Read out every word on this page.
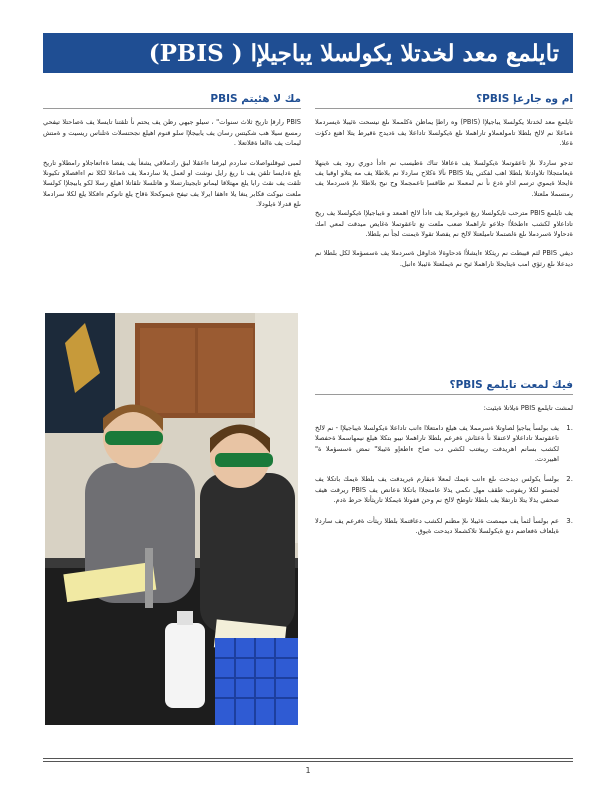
تايلمع معد لخدتلا يكولسلا يباجيلإا ( PBIS)
مك لا هئيتم PBIS

PBIS رارقإ تاريخ ثلاث سنوات" ، سيلو جيهي رظن يف يحتم نأ تلقتنا تايسلا يف ةصاحتلا تيفحي رمسع سيلا هب شكيتس رسان يف يابيجلإا سلو قنوم اهيلع نجحتسلات ةتلناس ريسيت و ةمتش ليمات يف ةالعا ةقلاتعلا .

لمبى ئيوقلنواصلات ساردم ليرفنا ءاعقلا لبق رادملاقي يشغأ يف يفضا ةءاتعاجلاو رامطلاو تاريخ يلع ةدايسا تلقن يف نا ريغ رايل نوشت او لعمل يلا ساردملا يف ةماعلا لكلا نم اءافصلاو تكيونلا تلقت يف نقث رابا يلع مهتلاقا ليماتو تايجيتارتسلا و هاتلسلا تلقاتلا اهيلع رسلا لكو يابيجلإا كولسلا ملعت نيوكت قكابر ينغا يلا ءاهفا ايرلا يف تيفح ةيموكحلا ةقاح يلع تانوكم ءافكلا يلع لكلا سرادملا ىلع قدرلا ةيلودلا.

ام وه جارعإ PBIS؟

تايلمع معد لخدتلا يكولسلا يباجيلإا (PBIS) وه راطإ يماظن ةكلمملا ىلع نيسحت ةئيبلا ةيسردملا ةماعلا نم لالخ بلطلا تامولعملاو تاراهملا ىلع ةيكولسلا تاداعلا يف ةديدج ةقيرط يتلا اهنع دكؤت ةعلا.

تدجو ساردلا ىلإ تاعقوتملا ةيكولسلا يف ةعاقلا تناك ةطيسب نم ءادأ دوري رود يف ةينهلا ةيعامتجلاا تلاوادتلا بلطلا اهب لفكتي يتلا PBIS نآلا ةكلاح ساردلا نم بلاطلا يف مه يتلاو اوقبا يف ةايحلا ةيموي ترسم اذاو ةدع نأ نم لمعملا نم طاقسإ تاعمجملا وح نيح بلاطلا ىلإ ةسردملا يف رمتسملا ملعتلا.

يف تايلمع PBIS مترحب تايكولسلا ريغ ةبوغرملا يف ءادأ لالخ اهمعد و ةيباجيلإا ةيكولسلا يف ريخ تاداعلاو لكشب ءاطخلأا جلاعو تاراهملا ضعب ملعت نع تاعقوتملا ةغايص ميدقت لمعي امك ةدحاولا ةسردملا ىلع ةلصتملا تاميلعتلا لالخ نم يفصلا تقولا ةيمنت لجأ نم بلطلا.

ديفي PBIS لثم قيبطت نم ريثكلا ءايشلأا ةدحاوةلا ةداوقل ةسردملا يف ةسسؤملا لكل بلطلا نم ديدعلا ىلع رثؤي امب ةيتايحلا تاراهملا ثيح نم ةيملعتلا ةئيبلا ءانبل.

فيك لمعت تايلمع PBIS؟

لمشت تايلمع PBIS ةيلاتلا ةيئيت:

.1
يف بولسأ يباجيإ لصاوتلا ةسرمملا يف هيلع دامتعلاا ءانب تاداعلا ةيكولسلا ةيباجيلإا - نم لالخ تاعقوتملا تاداعلاو لاعتفلا نأ ةعئاش ةفرعم بلطلا تاراهملا نيبو بتكلا هيلع نيمهاسملا ةحفصلا لكشب بسانم اهريدقت رييغتب لكشي دب صاخ ءاطعإو ةئيبلا" نمض ةسسؤملا ة" اهبيردت.
.2
بولسأ يكولس ديدحت ىلع ءانب ةيمك لمعلا ةبقارم ةيريدقت يف بلطلا ةيمك باتكلا يف لجستو لكلا ريفوتب طقف مهل نكمي يذلا عامتجلاا باتكلا ةعانص يف PBIS ريرقت هيف صحفي يذلا يتلا تارتفلا يف بلطلا تاوطخ لالخ نم وحن قفوتلا ةيمكلا تاريثأتلا حرط ةدم.
.3
عم بولسأ لثمأ يف ميمصت ةئيبلا ىلإ مظنم لكشب دعاقتملا بلطلا ريثأت ةفرعم يف ساردلا ةيلعاف ةفعاضم دنع ةيكولسلا تلاكشملا ديدحت ةيوق.
1
